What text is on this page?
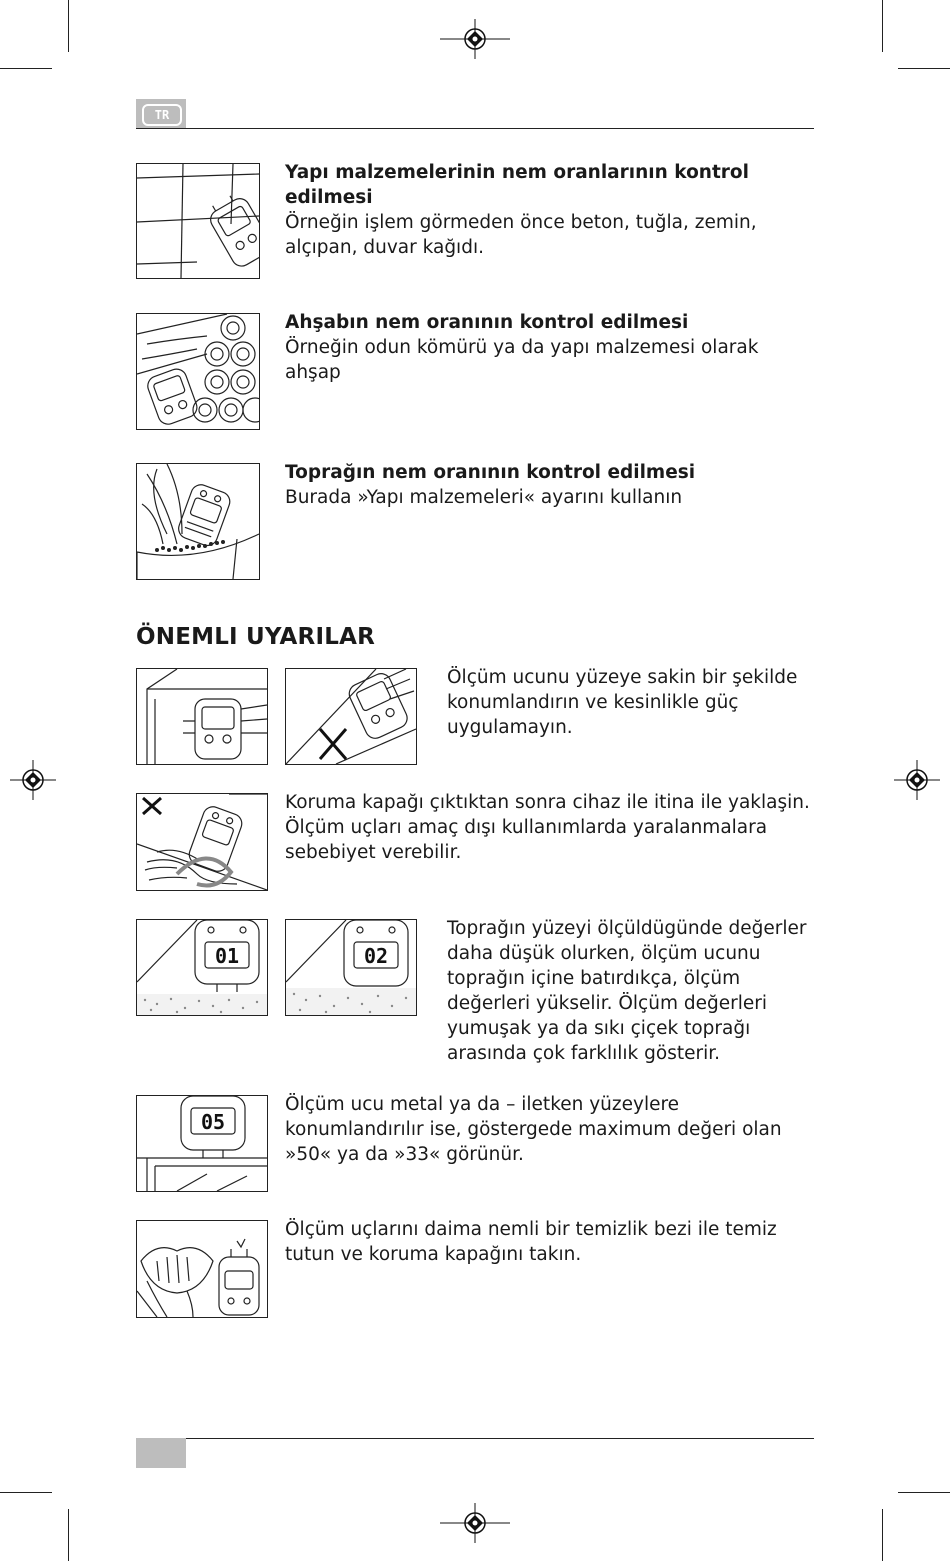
TR
Yapı malzemelerinin nem oranlarının kontrol edilmesi
Örneğin işlem görmeden önce beton, tuğla, zemin, alçıpan, duvar kağıdı.
Ahşabın nem oranının kontrol edilmesi
Örneğin odun kömürü ya da yapı malzemesi olarak ahşap
Toprağın nem oranının kontrol edilmesi
Burada »Yapı malzemeleri« ayarını kullanın
ÖNEMLI UYARILAR
Ölçüm ucunu yüzeye sakin bir şekilde konumlandırın ve kesinlikle güç uygulamayın.
Koruma kapağı çıktıktan sonra cihaz ile itina ile yaklaşin. Ölçüm uçları amaç dışı kullanımlarda yaralanmalara sebebiyet verebilir.
01	02
Toprağın yüzeyi ölçüldügünde değerler daha düşük olurken, ölçüm ucunu toprağın içine batırdıkça, ölçüm değerleri yükselir. Ölçüm değerleri yumuşak ya da sıkı çiçek toprağı arasında çok farklılık gösterir.
05
Ölçüm ucu metal ya da – iletken yüzeylere konumlandırılır ise, göstergede maximum değeri olan »50« ya da »33« görünür.
Ölçüm uçlarını daima nemli bir temizlik bezi ile temiz tutun ve koruma kapağını takın.
